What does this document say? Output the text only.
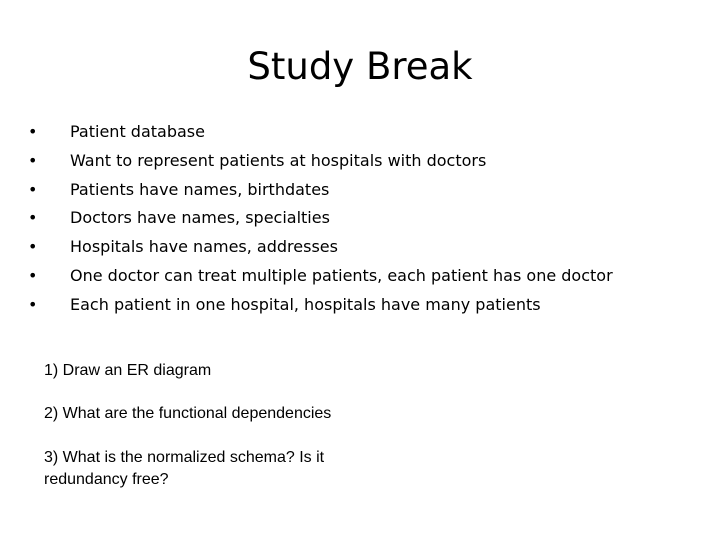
Study Break
•	Patient database
•	Want to represent patients at hospitals with doctors
•	Patients have names, birthdates
•	Doctors have names, specialties
•	Hospitals have names, addresses
•	One doctor can treat multiple patients, each patient has one doctor
•	Each patient in one hospital, hospitals have many patients

1) Draw an ER diagram

2) What are the functional dependencies

3) What is the normalized schema? Is it redundancy free?
